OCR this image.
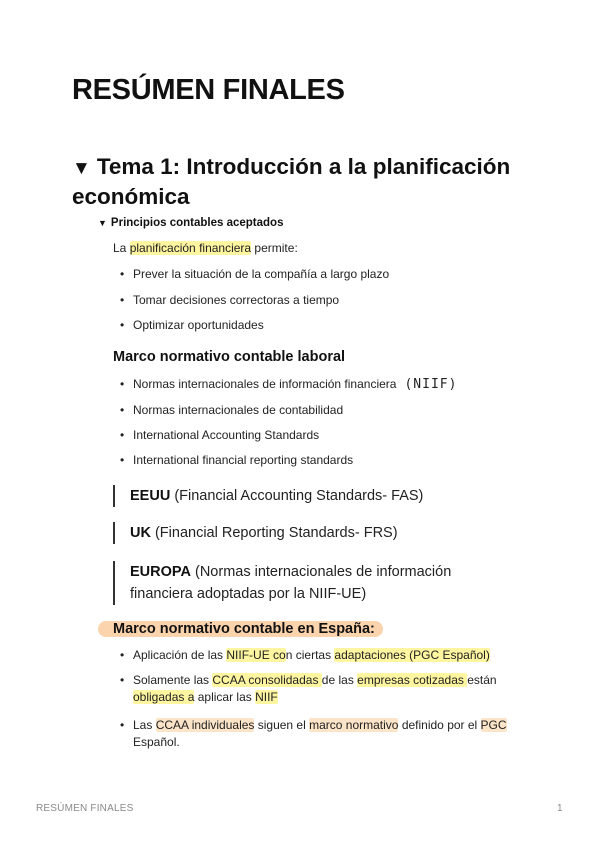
RESÚMEN FINALES
▼ Tema 1: Introducción a la planificación económica
▼ Principios contables aceptados
La planificación financiera permite:
• Prever la situación de la compañía a largo plazo
• Tomar decisiones correctoras a tiempo
• Optimizar oportunidades
Marco normativo contable laboral
• Normas internacionales de información financiera (NIIF)
• Normas internacionales de contabilidad
• International Accounting Standards
• International financial reporting standards
EEUU (Financial Accounting Standards- FAS)
UK (Financial Reporting Standards- FRS)
EUROPA (Normas internacionales de información financiera adoptadas por la NIIF-UE)
Marco normativo contable en España:
• Aplicación de las NIIF-UE con ciertas adaptaciones (PGC Español)
• Solamente las CCAA consolidadas de las empresas cotizadas están obligadas a aplicar las NIIF
• Las CCAA individuales siguen el marco normativo definido por el PGC Español.
RESÚMEN FINALES	1
